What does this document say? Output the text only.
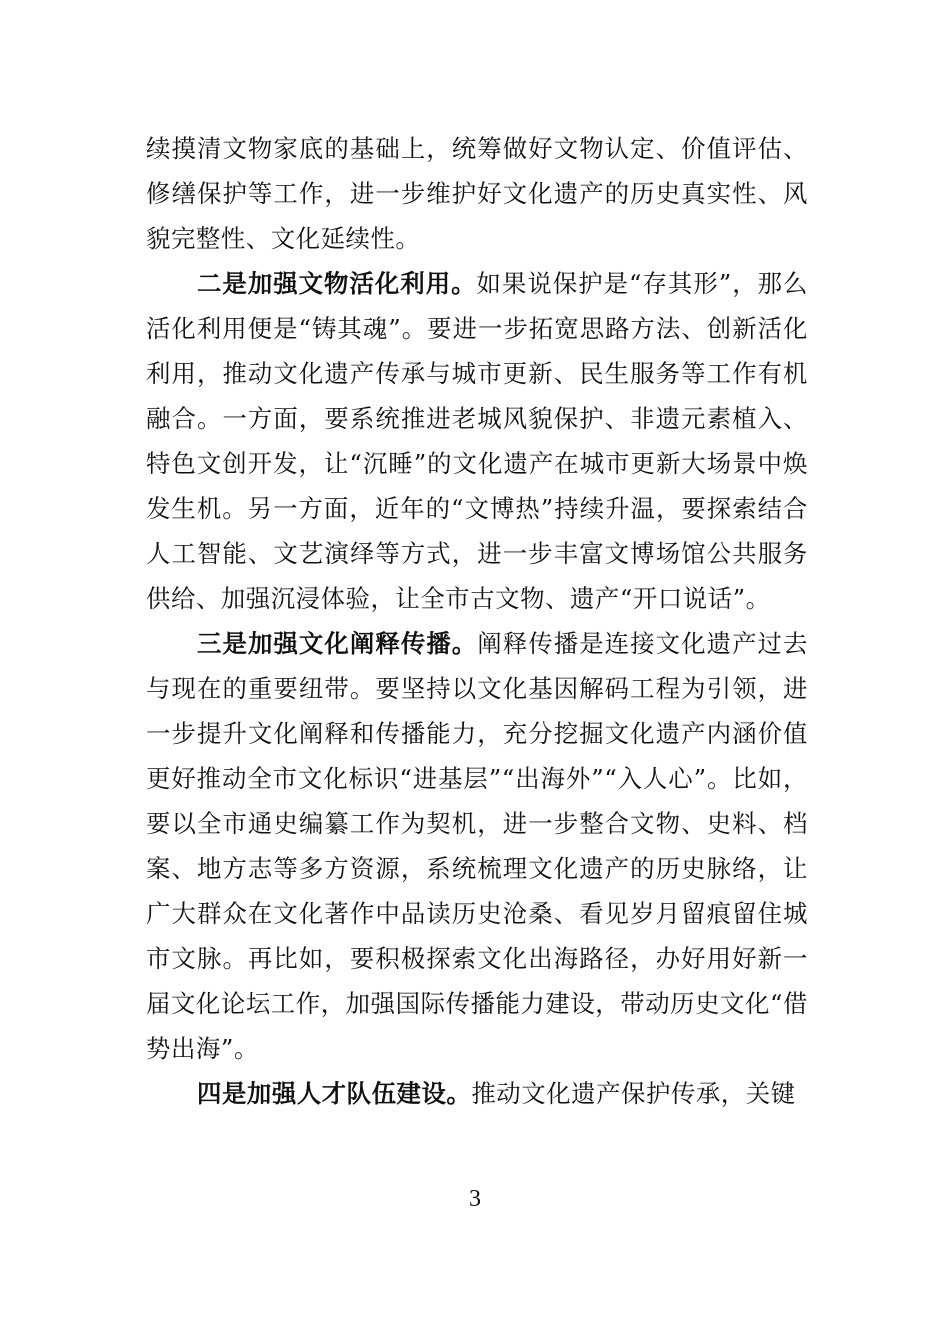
续摸清文物家底的基础上，统筹做好文物认定、价值评估、修缮保护等工作，进一步维护好文化遗产的历史真实性、风貌完整性、文化延续性。

二是加强文物活化利用。如果说保护是“存其形”，那么活化利用便是“铸其魂”。要进一步拓宽思路方法、创新活化利用，推动文化遗产传承与城市更新、民生服务等工作有机融合。一方面，要系统推进老城风貌保护、非遗元素植入、特色文创开发，让“沉睡”的文化遗产在城市更新大场景中焕发生机。另一方面，近年的“文博热”持续升温，要探索结合人工智能、文艺演绎等方式，进一步丰富文博场馆公共服务供给、加强沉浸体验，让全市古文物、遗产“开口说话”。

三是加强文化阐释传播。阐释传播是连接文化遗产过去与现在的重要纽带。要坚持以文化基因解码工程为引领，进一步提升文化阐释和传播能力，充分挖掘文化遗产内涵价值更好推动全市文化标识“进基层”“出海外”“入人心”。比如，要以全市通史编纂工作为契机，进一步整合文物、史料、档案、地方志等多方资源，系统梳理文化遗产的历史脉络，让广大群众在文化著作中品读历史沧桑、看见岁月留痕留住城市文脉。再比如，要积极探索文化出海路径，办好用好新一届文化论坛工作，加强国际传播能力建设，带动历史文化“借势出海”。

四是加强人才队伍建设。推动文化遗产保护传承，关键

3
